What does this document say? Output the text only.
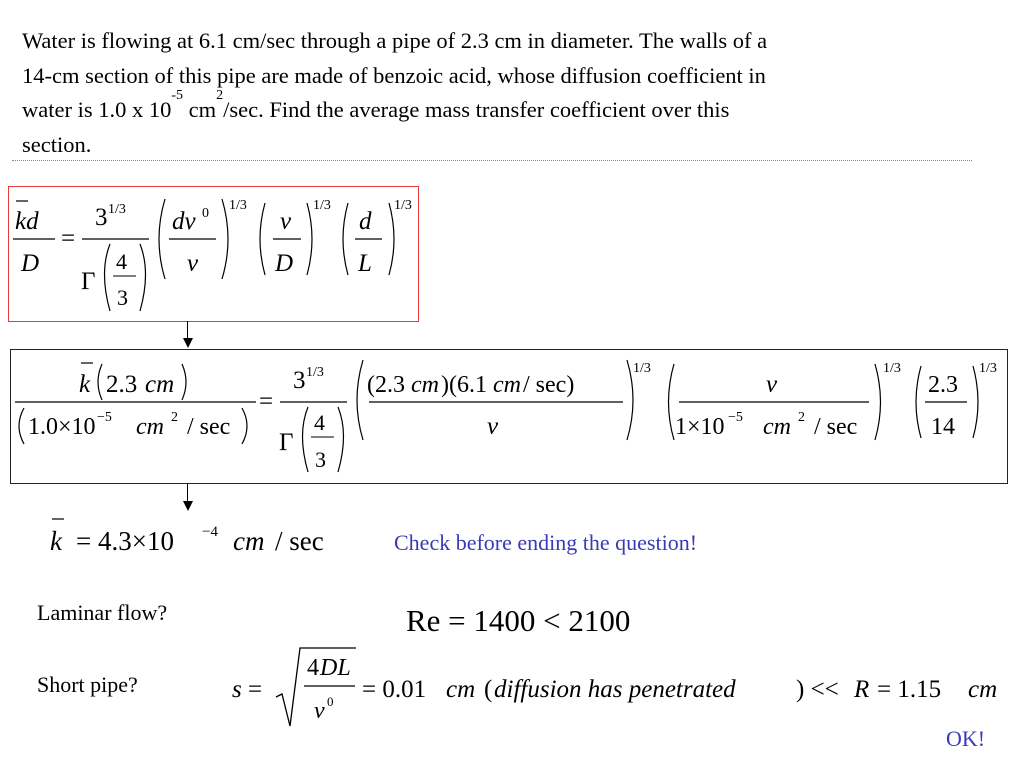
Water is flowing at 6.1 cm/sec through a pipe of 2.3 cm in diameter. The walls of a
14-cm section of this pipe are made of benzoic acid, whose diffusion coefficient in
water is 1.0 x $10^{-5}$ $cm^2/\sec$. Find the average mass transfer coefficient over this
section.
kd
D
=
3 1/3
Γ
4
3
dv 0
ν
1/3
ν
D
1/3
d
L
1/3
k 2.3 cm
1.0×10 −5 cm 2 / sec
=
3 1/3
Γ
4
3
(2.3 cm )(6.1 cm / sec)
ν
1/3
ν
1×10 −5 cm 2 / sec
1/3
2.3
14
1/3
k = 4.3×10 −4 cm / sec	Check before ending the question!
Laminar flow?	Re = 1400 < 2100
Short pipe?	s =
4 DL
v 0 = 0.01 cm ( diffusion has penetrated ) << R = 1.15 cm
OK!
